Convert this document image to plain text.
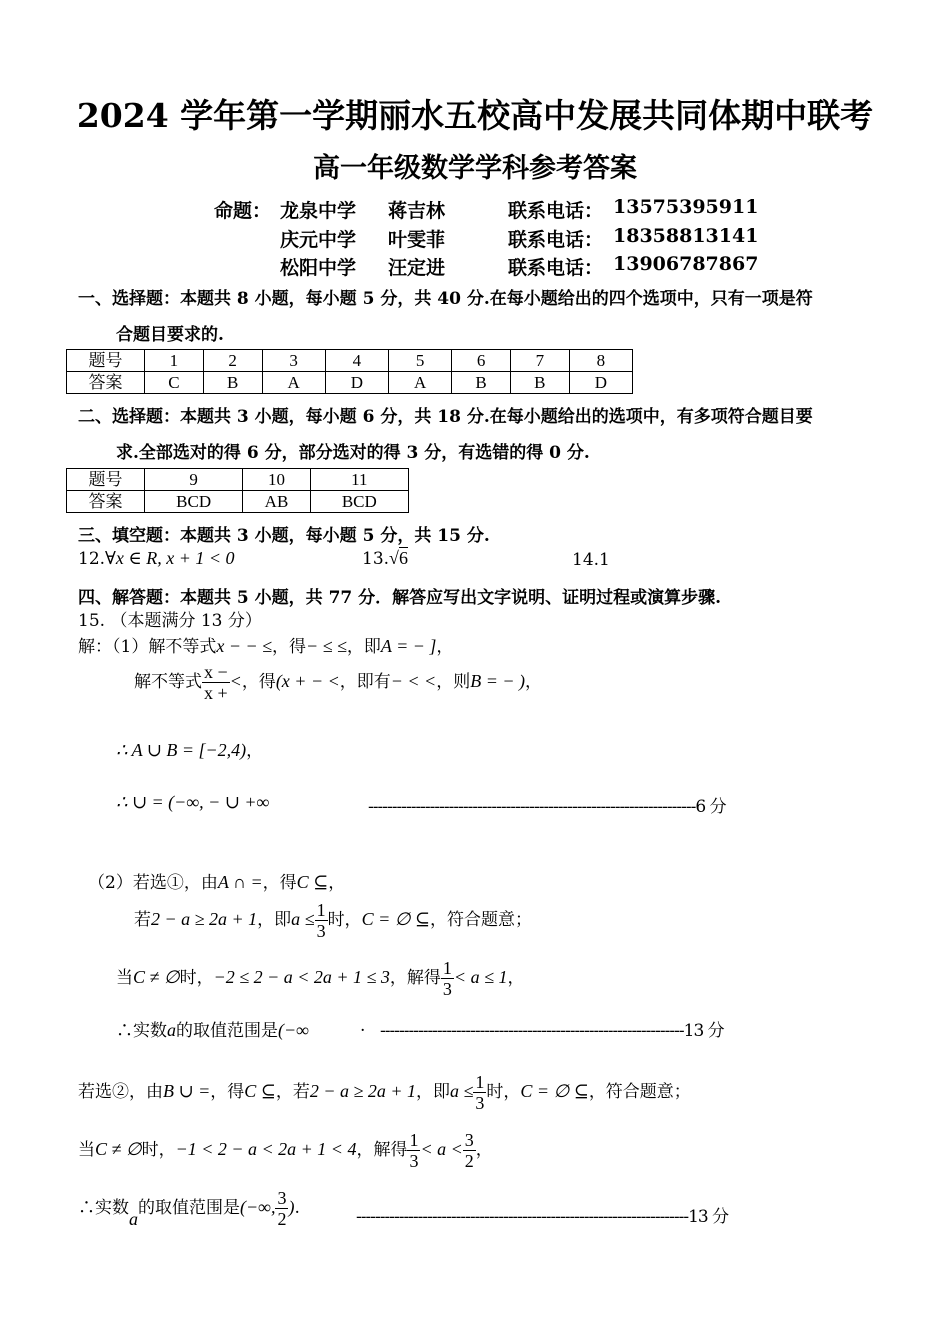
2024 学年第一学期丽水五校高中发展共同体期中联考
高一年级数学学科参考答案
命题： 龙泉中学 蒋吉林	联系电话： 13575395911
庆元中学 叶雯菲	联系电话： 18358813141
松阳中学 汪定进	联系电话： 13906787867
一、选择题：本题共 8 小题，每小题 5 分，共 40 分.在每小题给出的四个选项中，只有一项是符
合题目要求的.
题号	1	2	3	4	5	6	7	8
答案	C	B	A	D	A	B	B	D
二、选择题：本题共 3 小题，每小题 6 分，共 18 分.在每小题给出的选项中，有多项符合题目要
求.全部选对的得 6 分，部分选对的得 3 分，有选错的得 0 分.
题号	9	10	11
答案	BCD	AB	BCD
三、填空题：本题共 3 小题，每小题 5 分，共 15 分.
12.∀x ∈ R, x + 1 < 0	13.√6	14.1
四、解答题：本题共 5 小题，共 77 分．解答应写出文字说明、证明过程或演算步骤.
15. （本题满分 13 分）
解：（1）解不等式x − − ≤，得− ≤ ≤，即A = − ]，
解不等式 $\frac{x -}{x +}$ <，得(x + − <，即有− < <，则B = − )，
∴ A ∪ B = [−2,4)，
∴ ∪ = (−∞, − ∪ +∞	---------------------------------------------------------------------6 分
（2）若选①，由A ∩ =，得C ⊆，
若2 − a ≥ 2a + 1，即$a \le \frac{1}{3}$ 时，C = ∅ ⊆，符合题意；
当C ≠ ∅时，−2 ≤ 2 − a < 2a + 1 ≤ 3，解得 $\frac{1}{3} < a \le 1$，
∴实数a的取值范围是(−∞	. ----------------------------------------------------------------13 分
若选②，由B ∪ =，得C ⊆，若2 − a ≥ 2a + 1，即$a \le \frac{1}{3}$ 时，C = ∅ ⊆，符合题意；
当C ≠ ∅时，−1 < 2 − a < 2a + 1 < 4，解得 $\frac{1}{3} < a < \frac{3}{2}$ ，
∴实数a的取值范围是(−∞, $\frac{3}{2}$ ).	----------------------------------------------------------------------13 分
